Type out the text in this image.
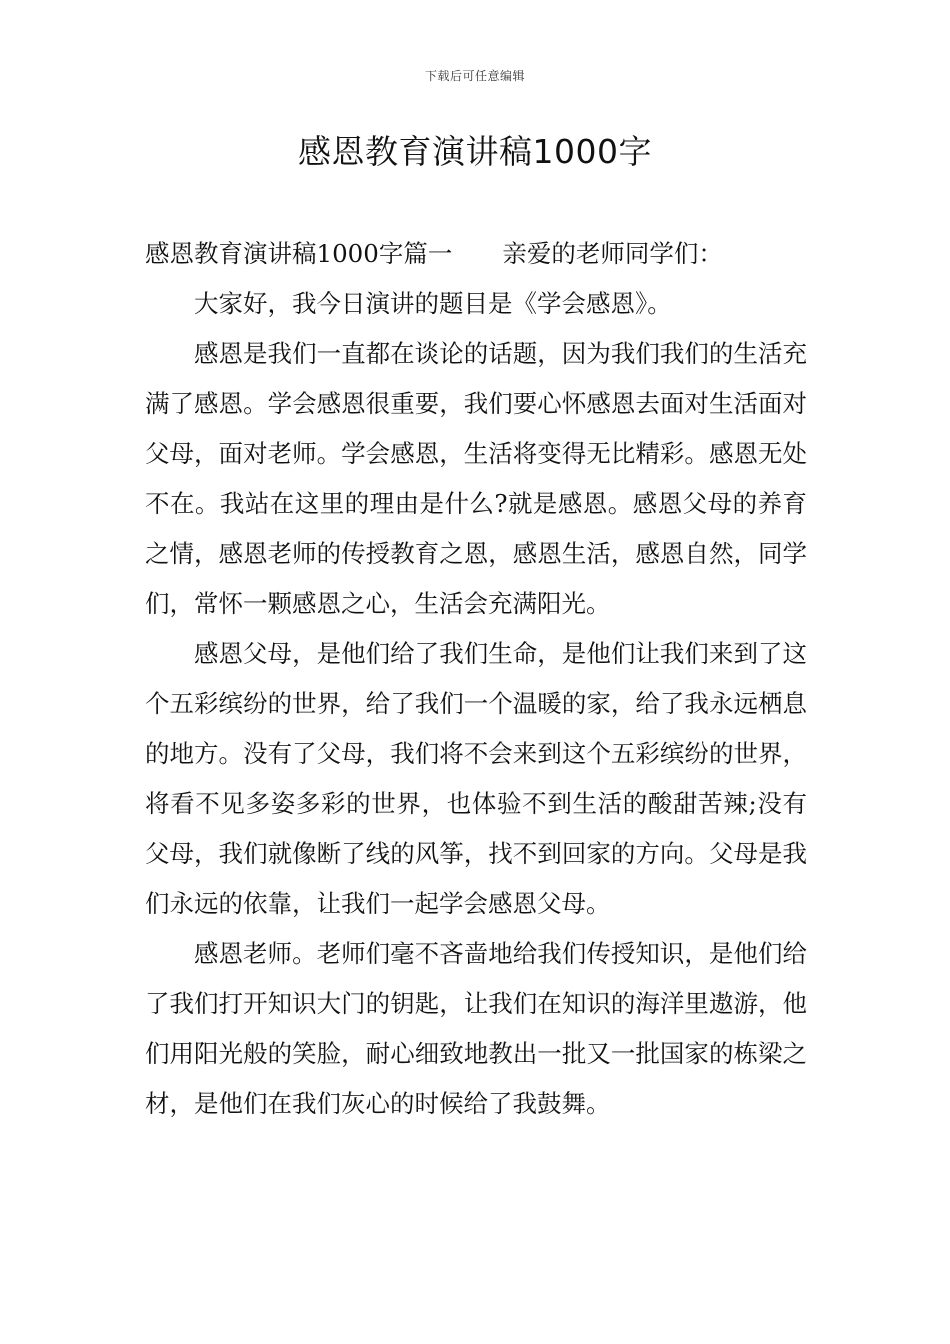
下载后可任意编辑
感恩教育演讲稿1000字

感恩教育演讲稿1000字篇一 亲爱的老师同学们：

大家好，我今日演讲的题目是《学会感恩》。

感恩是我们一直都在谈论的话题，因为我们我们的生活充满了感恩。学会感恩很重要，我们要心怀感恩去面对生活面对父母，面对老师。学会感恩，生活将变得无比精彩。感恩无处不在。我站在这里的理由是什么?就是感恩。感恩父母的养育之情，感恩老师的传授教育之恩，感恩生活，感恩自然，同学们，常怀一颗感恩之心，生活会充满阳光。

感恩父母，是他们给了我们生命，是他们让我们来到了这个五彩缤纷的世界，给了我们一个温暖的家，给了我永远栖息的地方。没有了父母，我们将不会来到这个五彩缤纷的世界，将看不见多姿多彩的世界，也体验不到生活的酸甜苦辣;没有父母，我们就像断了线的风筝，找不到回家的方向。父母是我们永远的依靠，让我们一起学会感恩父母。

感恩老师。老师们毫不吝啬地给我们传授知识，是他们给了我们打开知识大门的钥匙，让我们在知识的海洋里遨游，他们用阳光般的笑脸，耐心细致地教出一批又一批国家的栋梁之材，是他们在我们灰心的时候给了我鼓舞。
